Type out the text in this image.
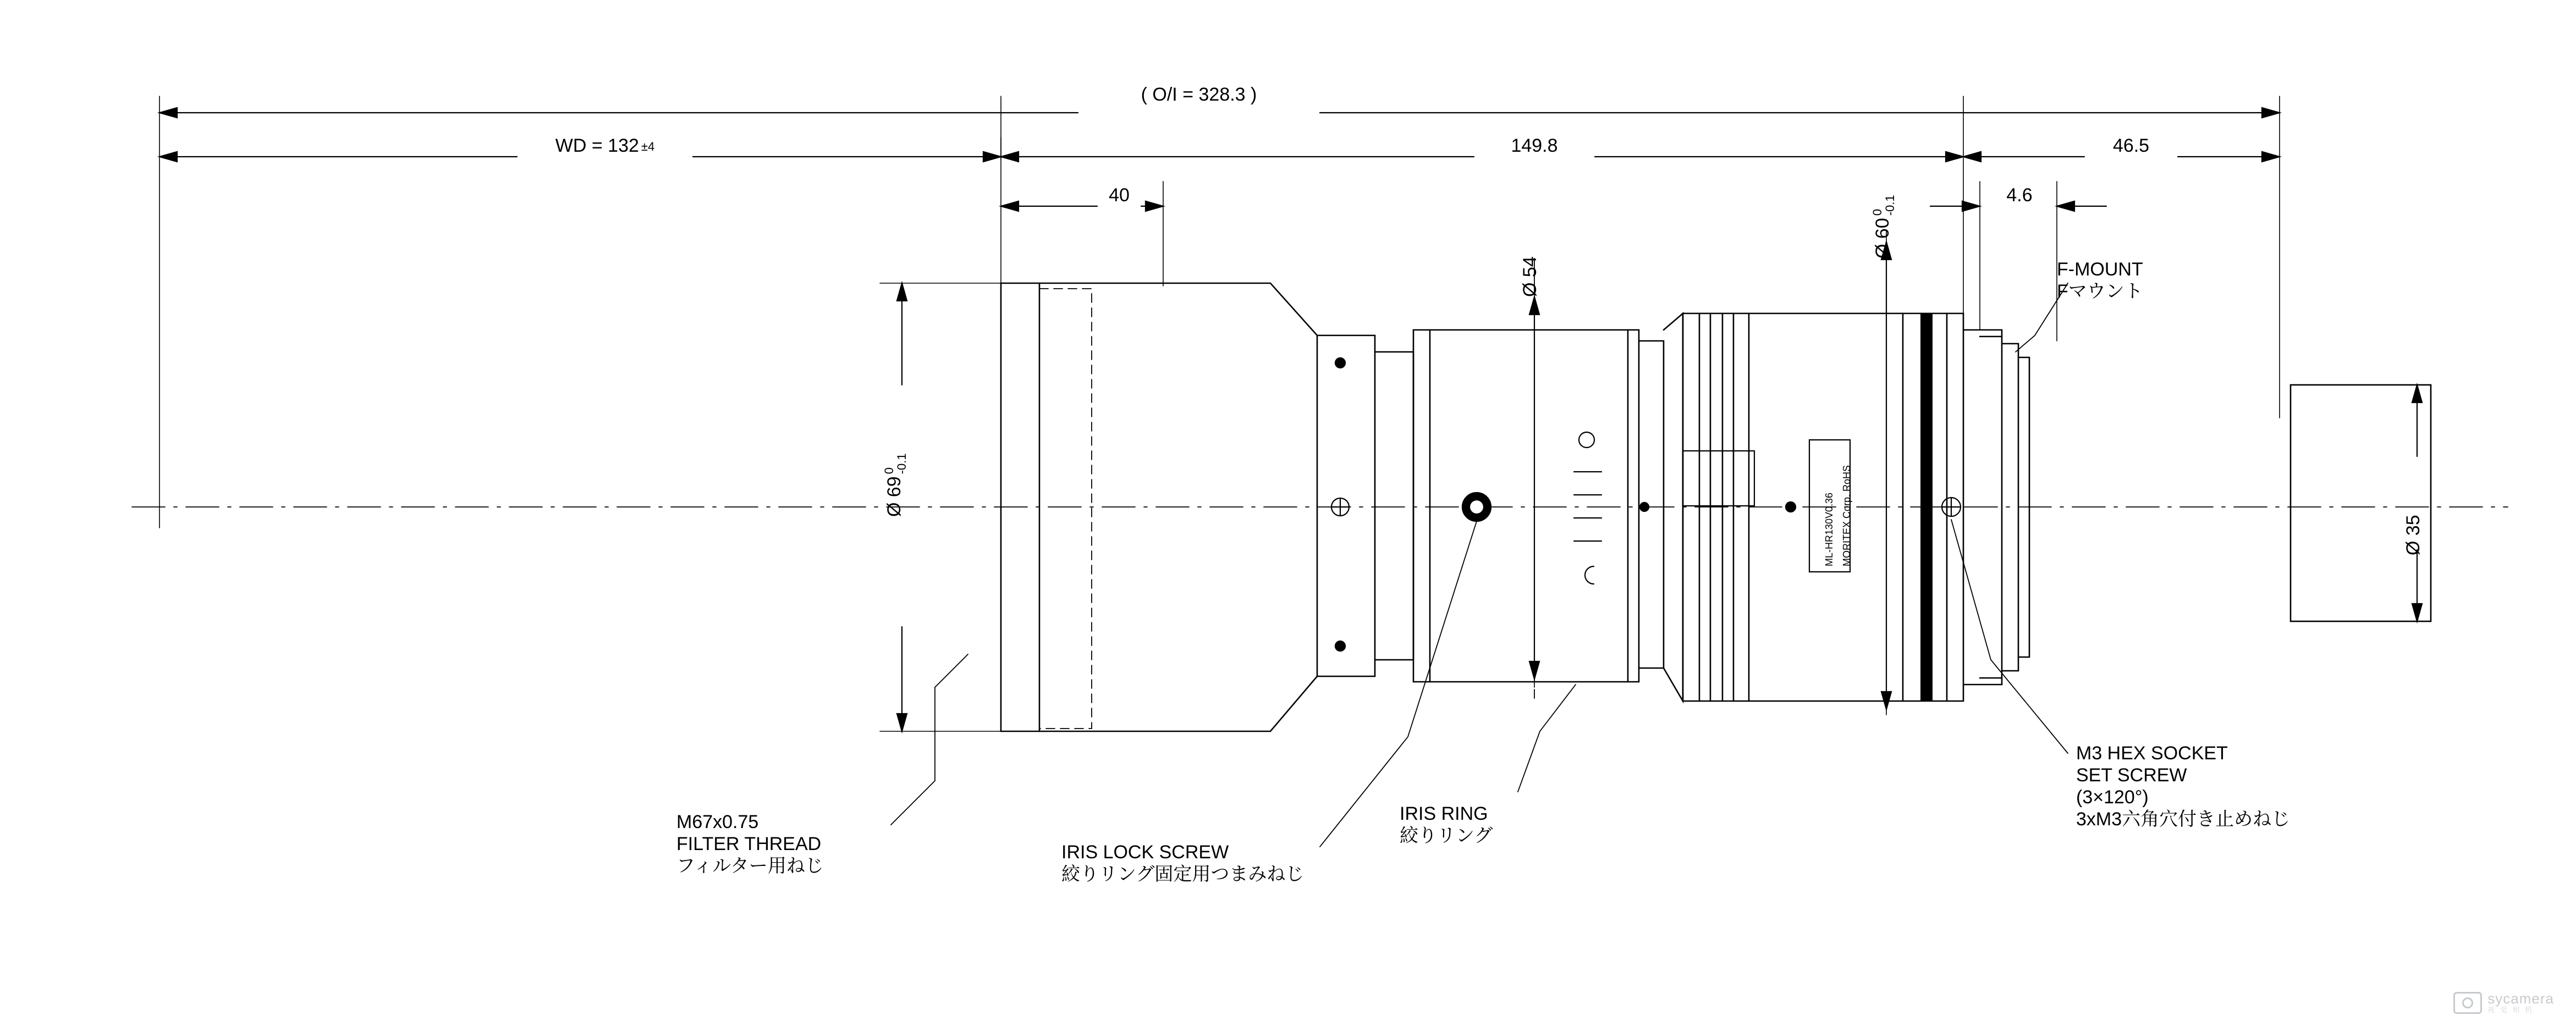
( O/I = 328.3 )
WD = 132 ±4	149.8	46.5
40	4.6
Ø 69
0
-0.1
Ø 54
Ø 60
0
-0.1
Ø 35
ML-HR130V0.36 MORITEX Corp. RoHS
M67x0.75
FILTER THREAD
フィルター用ねじ
IRIS LOCK SCREW
絞りリング固定用つまみねじ
IRIS RING
絞りリング
F-MOUNT
Fマウント
M3 HEX SOCKET
SET SCREW
(3×120°)
3xM3六角穴付き止めねじ
sycamera
视 觉 相 机
